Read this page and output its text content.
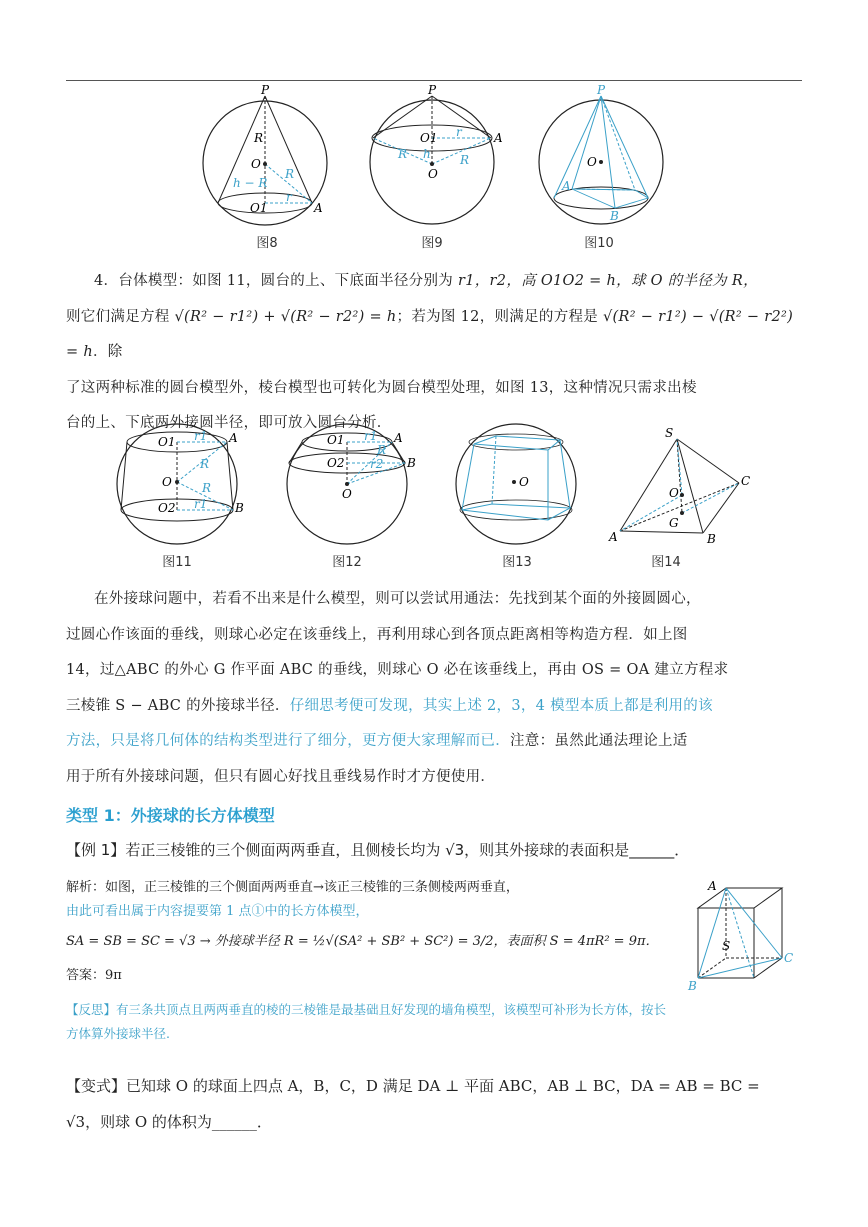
P
R
O
h − R
R
O1
r
A
图8
P
O1 r	A
R h
O
R
图9
P
O
A
B
图10
4．台体模型：如图 11，圆台的上、下底面半径分别为 r1，r2，高 O1O2 = h，球 O 的半径为 R，
则它们满足方程 √(R² − r1²) + √(R² − r2²) = h；若为图 12，则满足的方程是 √(R² − r1²) − √(R² − r2²) = h．除
了这两种标准的圆台模型外，棱台模型也可转化为圆台模型处理，如图 13，这种情况只需求出棱
台的上、下底两外接圆半径，即可放入圆台分析．
O1 r1 A
R
O	R
O2 r1 B
图11
O1 r1 A
R
O2 r2 B
O
图12
O
图13
S
O
G
C
A	B
图14
在外接球问题中，若看不出来是什么模型，则可以尝试用通法：先找到某个面的外接圆圆心，
过圆心作该面的垂线，则球心必定在该垂线上，再利用球心到各顶点距离相等构造方程．如上图
14，过△ABC 的外心 G 作平面 ABC 的垂线，则球心 O 必在该垂线上，再由 OS = OA 建立方程求
三棱锥 S − ABC 的外接球半径．仔细思考便可发现，其实上述 2，3，4 模型本质上都是利用的该
方法，只是将几何体的结构类型进行了细分，更方便大家理解而已．注意：虽然此通法理论上适
用于所有外接球问题，但只有圆心好找且垂线易作时才方便使用．
类型 1：外接球的长方体模型
【例 1】若正三棱锥的三个侧面两两垂直，且侧棱长均为 √3，则其外接球的表面积是______．
解析：如图，正三棱锥的三个侧面两两垂直→该正三棱锥的三条侧棱两两垂直，
由此可看出属于内容提要第 1 点①中的长方体模型，
SA = SB = SC = √3 → 外接球半径 R = ½√(SA² + SB² + SC²) = 3/2，表面积 S = 4πR² = 9π．
A
S
C
B
答案：9π
【反思】有三条共顶点且两两垂直的棱的三棱锥是最基础且好发现的墙角模型，该模型可补形为长方体，按长
方体算外接球半径.
【变式】已知球 O 的球面上四点 A，B，C，D 满足 DA ⊥ 平面 ABC，AB ⊥ BC，DA = AB = BC =
√3，则球 O 的体积为______．
